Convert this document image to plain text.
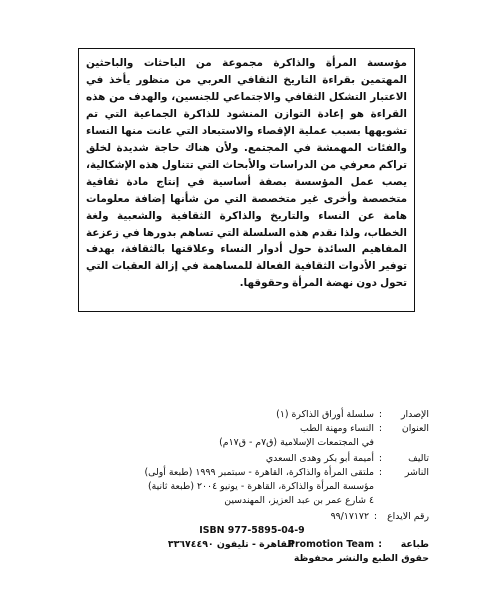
مؤسسة المرأة والذاكرة مجموعة من الباحثات والباحثين المهتمين بقراءة التاريخ الثقافي العربي من منظور يأخذ في الاعتبار التشكل الثقافي والاجتماعي للجنسين، والهدف من هذه القراءة هو إعادة التوازن المنشود للذاكرة الجماعية التي تم تشويهها بسبب عملية الإقصاء والاستبعاد التي عانت منها النساء والفئات المهمشة في المجتمع. ولأن هناك حاجة شديدة لخلق تراكم معرفي من الدراسات والأبحاث التي تتناول هذه الإشكالية، يصب عمل المؤسسة بصفة أساسية في إنتاج مادة ثقافية متخصصة وأخرى غير متخصصة التي من شأنها إضافة معلومات هامة عن النساء والتاريخ والذاكرة الثقافية والشعبية ولغة الخطاب، ولذا نقدم هذه السلسلة التي تساهم بدورها في زعزعة المفاهيم السائدة حول أدوار النساء وعلاقتها بالثقافة، بهدف توفير الأدوات الثقافية الفعالة للمساهمة في إزالة العقبات التي تحول دون نهضة المرأة وحقوقها.
الإصدار
:
سلسلة أوراق الذاكرة (١)
العنوان
:
النساء ومهنة الطب
في المجتمعات الإسلامية (ق٧م - ق١٧م)
تاليف
:
أميمة أبو بكر وهدى السعدي
الناشر
:
ملتقى المرأة والذاكرة، القاهرة - سبتمبر ١٩٩٩ (طبعة أولى)
مؤسسة المرأة والذاكرة، القاهرة - يونيو ٢٠٠٤ (طبعة ثانية)
٤ شارع عمر بن عبد العزيز، المهندسين
رقم الايداع
:
٩٩/١٧١٧٢
ISBN 977-5895-04-9
طباعة
:
Promotion Team
القاهرة - تليفون ٣٣٦٧٤٤٩٠
حقوق الطبع والنشر محفوظة
